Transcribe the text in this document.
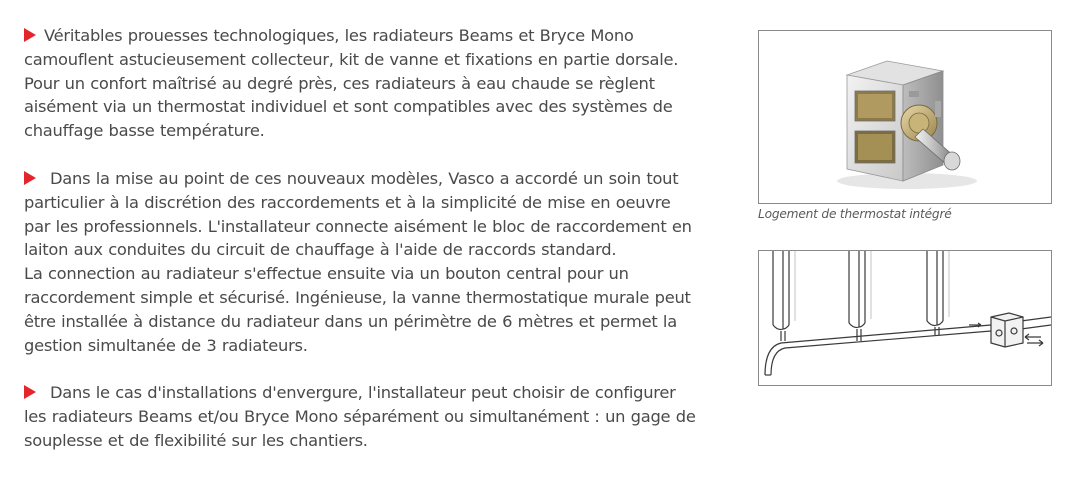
Véritables prouesses technologiques, les radiateurs Beams et Bryce Mono
camouflent astucieusement collecteur, kit de vanne et fixations en partie dorsale.
Pour un confort maîtrisé au degré près, ces radiateurs à eau chaude se règlent
aisément via un thermostat individuel et sont compatibles avec des systèmes de
chauffage basse température.

Dans la mise au point de ces nouveaux modèles, Vasco a accordé un soin tout
particulier à la discrétion des raccordements et à la simplicité de mise en oeuvre
par les professionnels. L'installateur connecte aisément le bloc de raccordement en
laiton aux conduites du circuit de chauffage à l'aide de raccords standard.
La connection au radiateur s'effectue ensuite via un bouton central pour un
raccordement simple et sécurisé. Ingénieuse, la vanne thermostatique murale peut
être installée à distance du radiateur dans un périmètre de 6 mètres et permet la
gestion simultanée de 3 radiateurs.

Dans le cas d'installations d'envergure, l'installateur peut choisir de configurer
les radiateurs Beams et/ou Bryce Mono séparément ou simultanément : un gage de
souplesse et de flexibilité sur les chantiers.

Logement de thermostat intégré
